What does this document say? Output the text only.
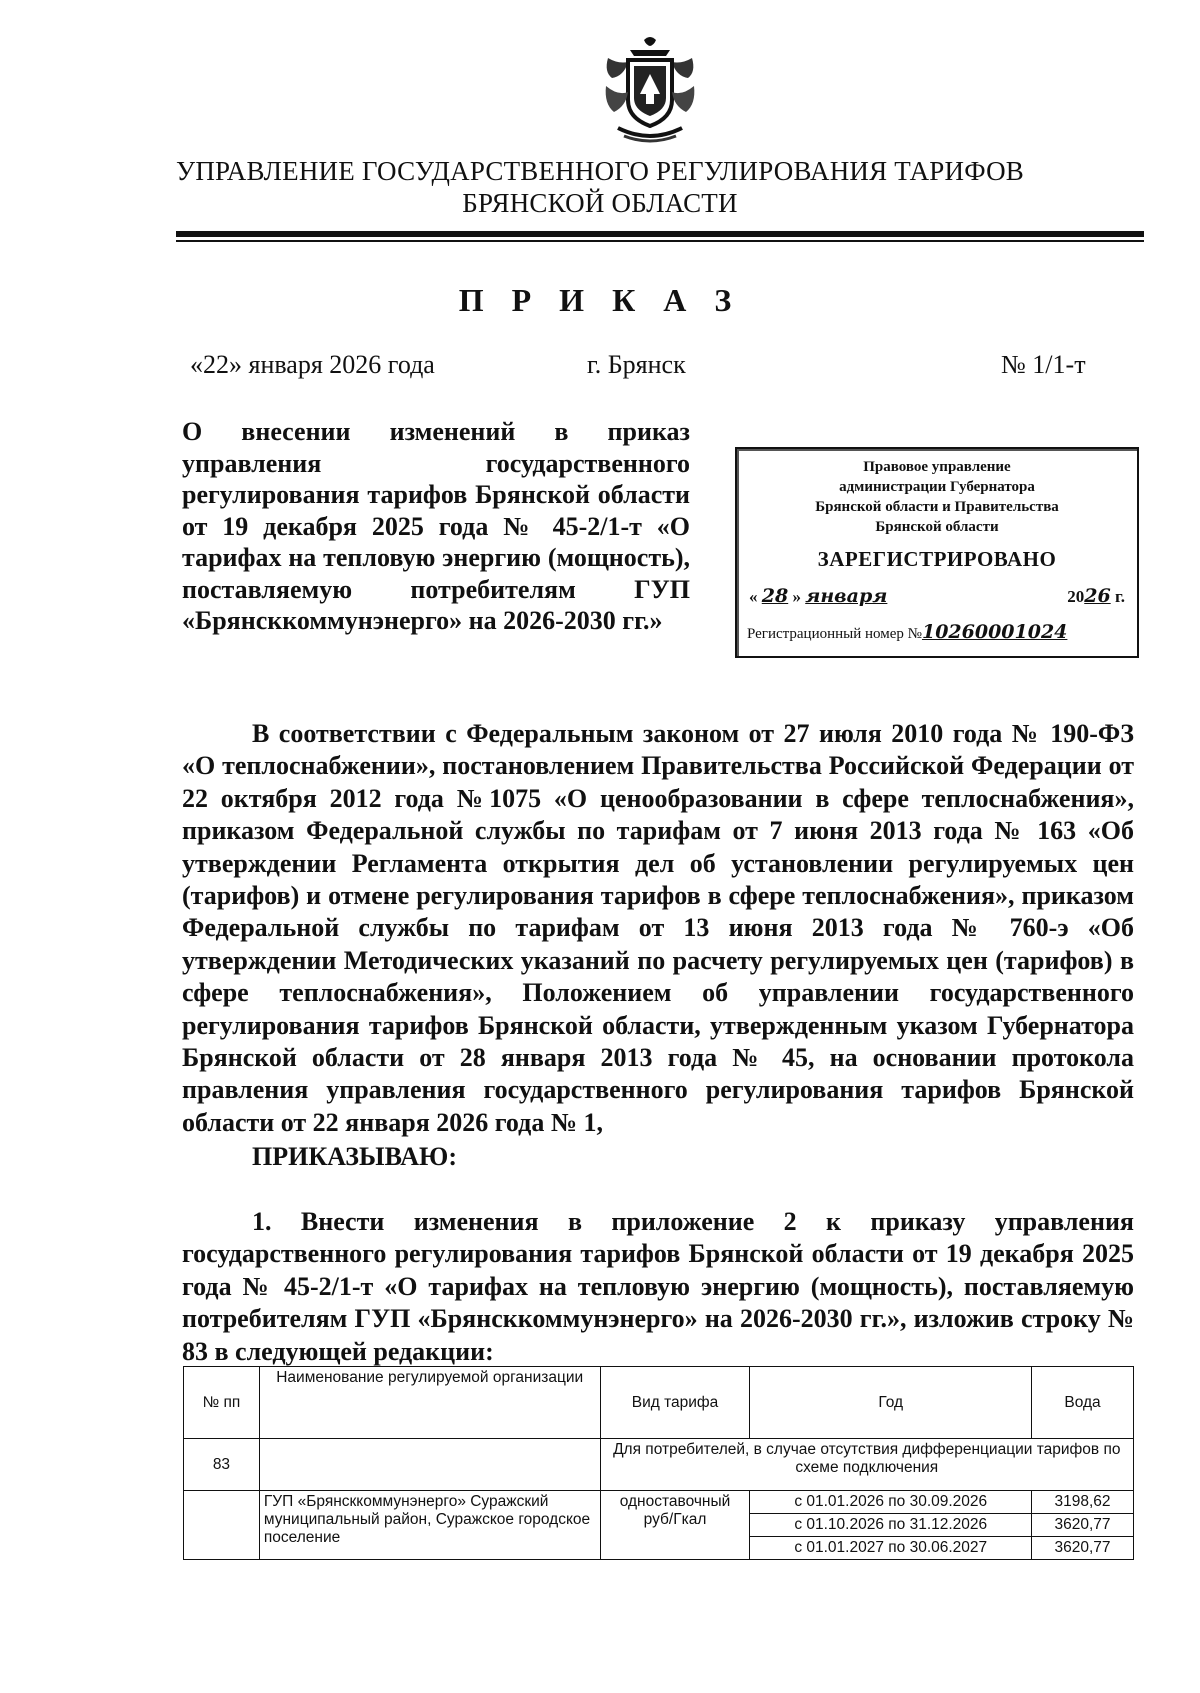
УПРАВЛЕНИЕ ГОСУДАРСТВЕННОГО РЕГУЛИРОВАНИЯ ТАРИФОВ
БРЯНСКОЙ ОБЛАСТИ
П Р И К А З
«22» января 2026 года	г. Брянск	№ 1/1-т
О внесении изменений в приказ управления государственного регулирования тарифов Брянской области от 19 декабря 2025 года № 45-2/1-т «О тарифах на тепловую энергию (мощность), поставляемую потребителям ГУП «Брянсккоммунэнерго» на 2026-2030 гг.»
Правовое управление
администрации Губернатора
Брянской области и Правительства
Брянской области
ЗАРЕГИСТРИРОВАНО
« 28 » января	2026 г.
Регистрационный номер №10260001024
В соответствии с Федеральным законом от 27 июля 2010 года № 190-ФЗ «О теплоснабжении», постановлением Правительства Российской Федерации от 22 октября 2012 года №1075 «О ценообразовании в сфере теплоснабжения», приказом Федеральной службы по тарифам от 7 июня 2013 года № 163 «Об утверждении Регламента открытия дел об установлении регулируемых цен (тарифов) и отмене регулирования тарифов в сфере теплоснабжения», приказом Федеральной службы по тарифам от 13 июня 2013 года № 760-э «Об утверждении Методических указаний по расчету регулируемых цен (тарифов) в сфере теплоснабжения», Положением об управлении государственного регулирования тарифов Брянской области, утвержденным указом Губернатора Брянской области от 28 января 2013 года № 45, на основании протокола правления управления государственного регулирования тарифов Брянской области от 22 января 2026 года № 1,
ПРИКАЗЫВАЮ:
1. Внести изменения в приложение 2 к приказу управления государственного регулирования тарифов Брянской области от 19 декабря 2025 года № 45-2/1-т «О тарифах на тепловую энергию (мощность), поставляемую потребителям ГУП «Брянсккоммунэнерго» на 2026-2030 гг.», изложив строку № 83 в следующей редакции:
№ пп	Наименование регулируемой организации	Вид тарифа	Год	Вода
83		Для потребителей, в случае отсутствия дифференциации тарифов по схеме подключения		
	ГУП «Брянсккоммунэнерго» Суражский муниципальный район, Суражское городское поселение	одноставочный руб/Гкал	с 01.01.2026 по 30.09.2026	3198,62
			с 01.10.2026 по 31.12.2026	3620,77
			с 01.01.2027 по 30.06.2027	3620,77
